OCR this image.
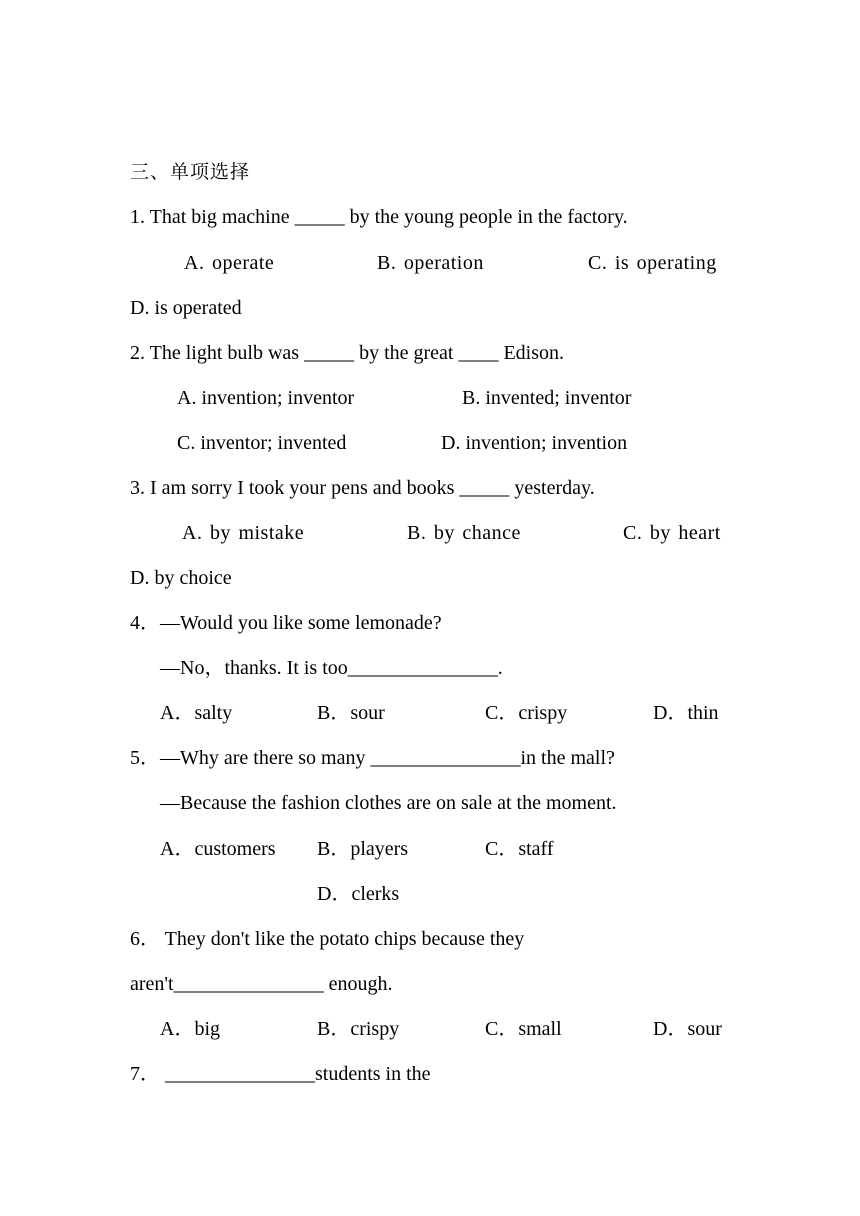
三、单项选择
1. That big machine _____ by the young people in the factory.
A. operate	B. operation	C. is operating
D. is operated
2. The light bulb was _____ by the great ____ Edison.
A. invention; inventor	B. invented; inventor
C. inventor; invented	D. invention; invention
3. I am sorry I took your pens and books _____ yesterday.
A. by mistake	B. by chance	C. by heart
D. by choice
4．—Would you like some lemonade?
—No，thanks. It is too_______________.
A．salty	B．sour	C．crispy	D．thin
5．—Why are there so many _______________in the mall?
—Because the fashion clothes are on sale at the moment.
A．customers B．players	C．staff
D．clerks
6． They don't like the potato chips because they
aren't_______________ enough.
A．big	B．crispy	C．small	D．sour
7． _______________students in the
